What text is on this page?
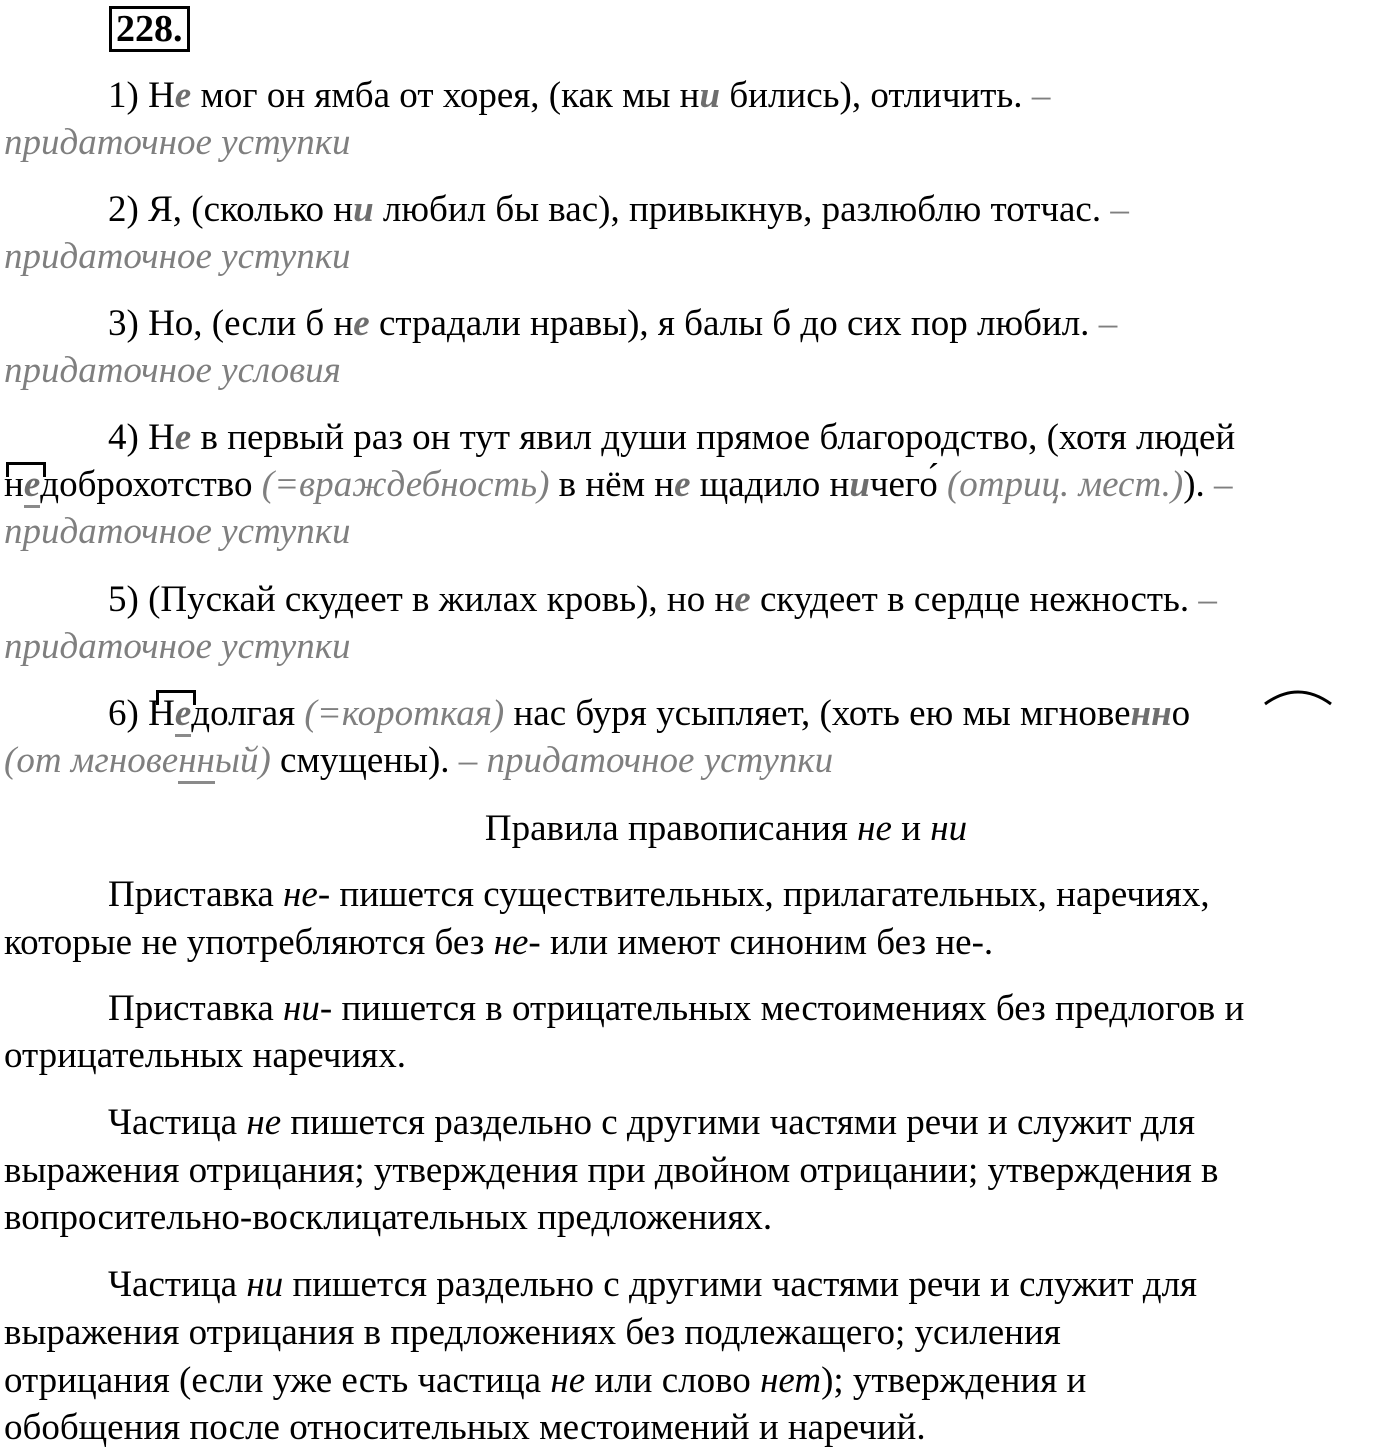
228.
1) Не мог он ямба от хорея, (как мы ни бились), отличить. –
придаточное уступки
2) Я, (сколько ни любил бы вас), привыкнув, разлюблю тотчас. –
придаточное уступки
3) Но, (если б не страдали нравы), я балы б до сих пор любил. –
придаточное условия
4) Не в первый раз он тут явил души прямое благородство, (хотя людей
недоброхотство (=враждебность) в нём не щадило ничего́ (отриц. мест.)). –
придаточное уступки
5) (Пускай скудеет в жилах кровь), но не скудеет в сердце нежность. –
придаточное уступки
6) Недолгая (=короткая) нас буря усыпляет, (хоть ею мы мгновенно
(от мгновенный) смущены). – придаточное уступки
Правила правописания не и ни
Приставка не- пишется существительных, прилагательных, наречиях,
которые не употребляются без не- или имеют синоним без не-.
Приставка ни- пишется в отрицательных местоимениях без предлогов и
отрицательных наречиях.
Частица не пишется раздельно с другими частями речи и служит для
выражения отрицания; утверждения при двойном отрицании; утверждения в
вопросительно-восклицательных предложениях.
Частица ни пишется раздельно с другими частями речи и служит для
выражения отрицания в предложениях без подлежащего; усиления
отрицания (если уже есть частица не или слово нет); утверждения и
обобщения после относительных местоимений и наречий.
